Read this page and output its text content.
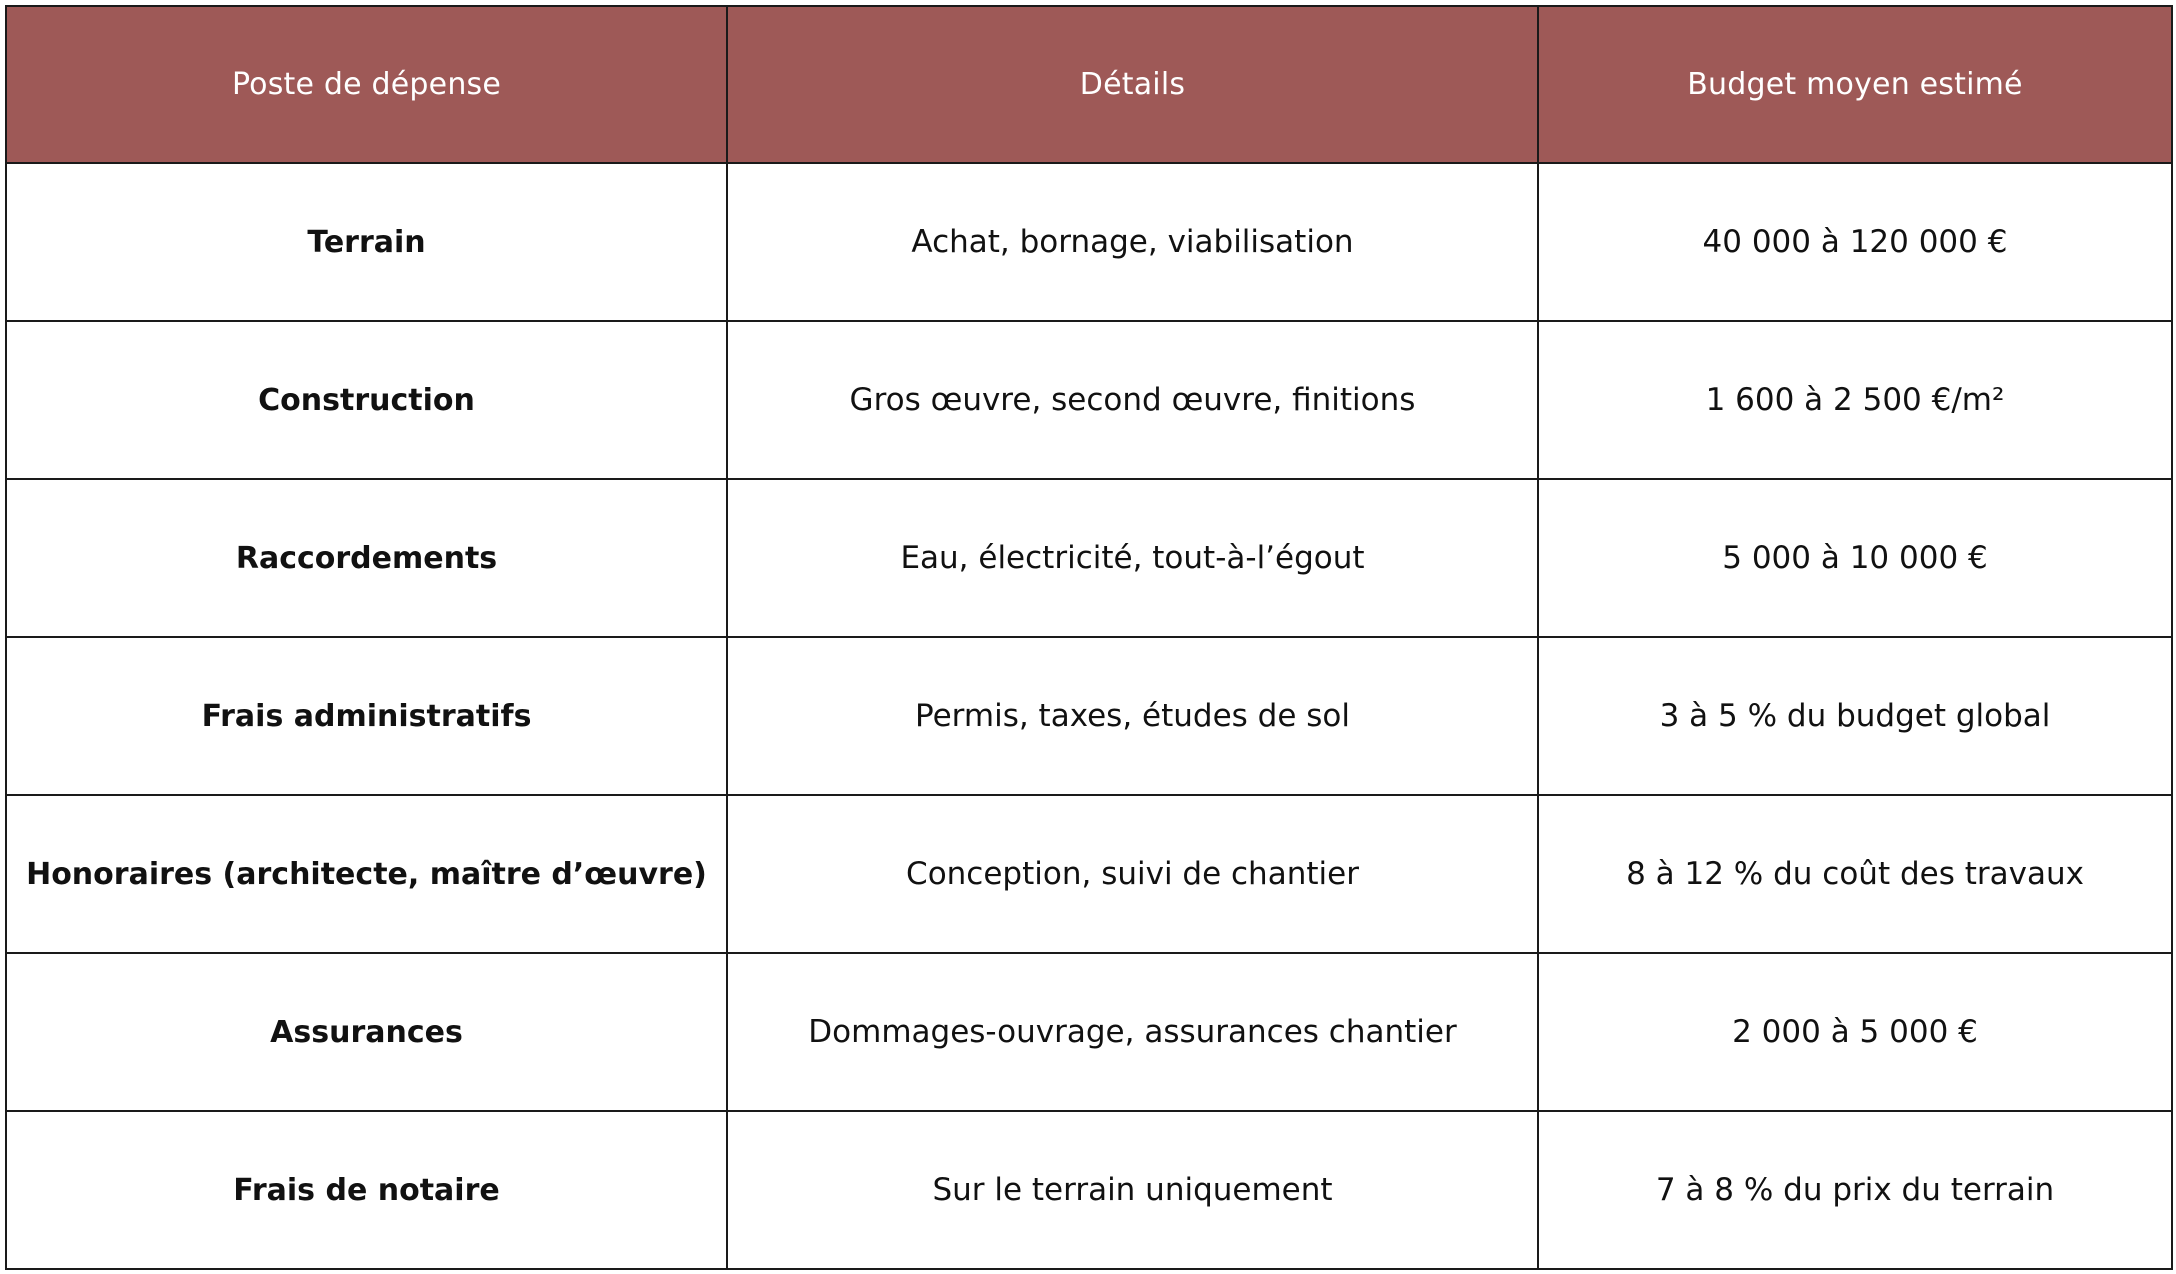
Poste de dépense	Détails	Budget moyen estimé
Terrain	Achat, bornage, viabilisation	40 000 à 120 000 €
Construction	Gros œuvre, second œuvre, finitions	1 600 à 2 500 €/m²
Raccordements	Eau, électricité, tout-à-l’égout	5 000 à 10 000 €
Frais administratifs	Permis, taxes, études de sol	3 à 5 % du budget global
Honoraires (architecte, maître d’œuvre)	Conception, suivi de chantier	8 à 12 % du coût des travaux
Assurances	Dommages-ouvrage, assurances chantier	2 000 à 5 000 €
Frais de notaire	Sur le terrain uniquement	7 à 8 % du prix du terrain
